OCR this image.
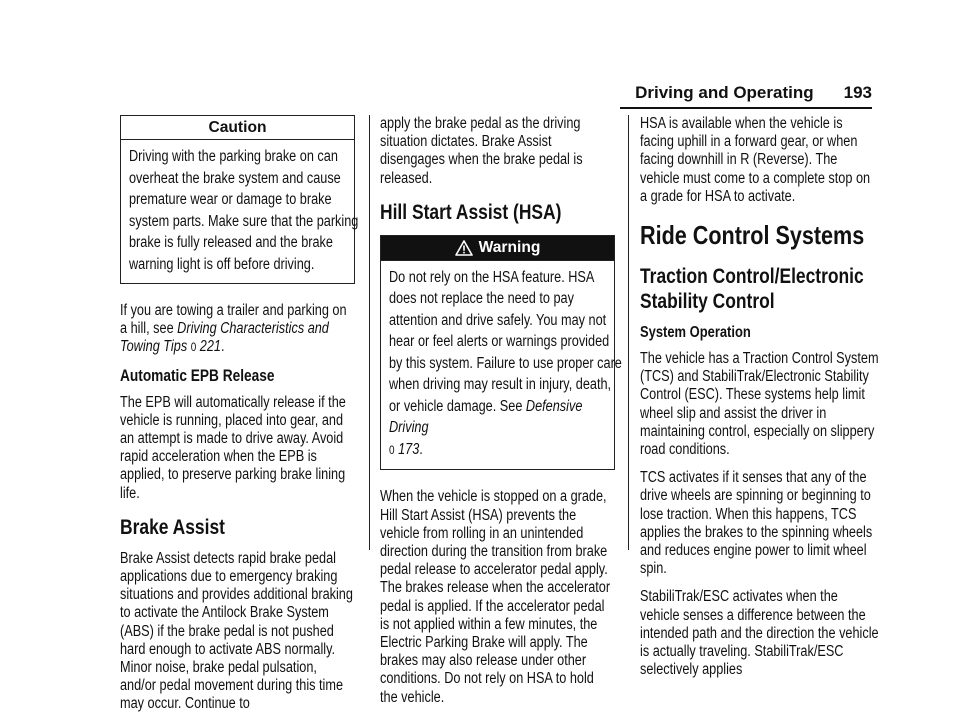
Driving and Operating 193
Caution

Driving with the parking brake on can overheat the brake system and cause premature wear or damage to brake system parts. Make sure that the parking brake is fully released and the brake warning light is off before driving.

If you are towing a trailer and parking on a hill, see Driving Characteristics and Towing Tips 0 221.

Automatic EPB Release

The EPB will automatically release if the vehicle is running, placed into gear, and an attempt is made to drive away. Avoid rapid acceleration when the EPB is applied, to preserve parking brake lining life.

Brake Assist

Brake Assist detects rapid brake pedal applications due to emergency braking situations and provides additional braking to activate the Antilock Brake System (ABS) if the brake pedal is not pushed hard enough to activate ABS normally. Minor noise, brake pedal pulsation, and/or pedal movement during this time may occur. Continue to

apply the brake pedal as the driving situation dictates. Brake Assist disengages when the brake pedal is released.

Hill Start Assist (HSA)
Warning

Do not rely on the HSA feature. HSA does not replace the need to pay attention and drive safely. You may not hear or feel alerts or warnings provided by this system. Failure to use proper care when driving may result in injury, death, or vehicle damage. See Defensive Driving
0 173.

When the vehicle is stopped on a grade, Hill Start Assist (HSA) prevents the vehicle from rolling in an unintended direction during the transition from brake pedal release to accelerator pedal apply. The brakes release when the accelerator pedal is applied. If the accelerator pedal is not applied within a few minutes, the Electric Parking Brake will apply. The brakes may also release under other conditions. Do not rely on HSA to hold the vehicle.

HSA is available when the vehicle is facing uphill in a forward gear, or when facing downhill in R (Reverse). The vehicle must come to a complete stop on a grade for HSA to activate.

Ride Control Systems
Traction Control/Electronic Stability Control
System Operation

The vehicle has a Traction Control System (TCS) and StabiliTrak/Electronic Stability Control (ESC). These systems help limit wheel slip and assist the driver in maintaining control, especially on slippery road conditions.

TCS activates if it senses that any of the drive wheels are spinning or beginning to lose traction. When this happens, TCS applies the brakes to the spinning wheels and reduces engine power to limit wheel spin.

StabiliTrak/ESC activates when the vehicle senses a difference between the intended path and the direction the vehicle is actually traveling. StabiliTrak/ESC selectively applies
